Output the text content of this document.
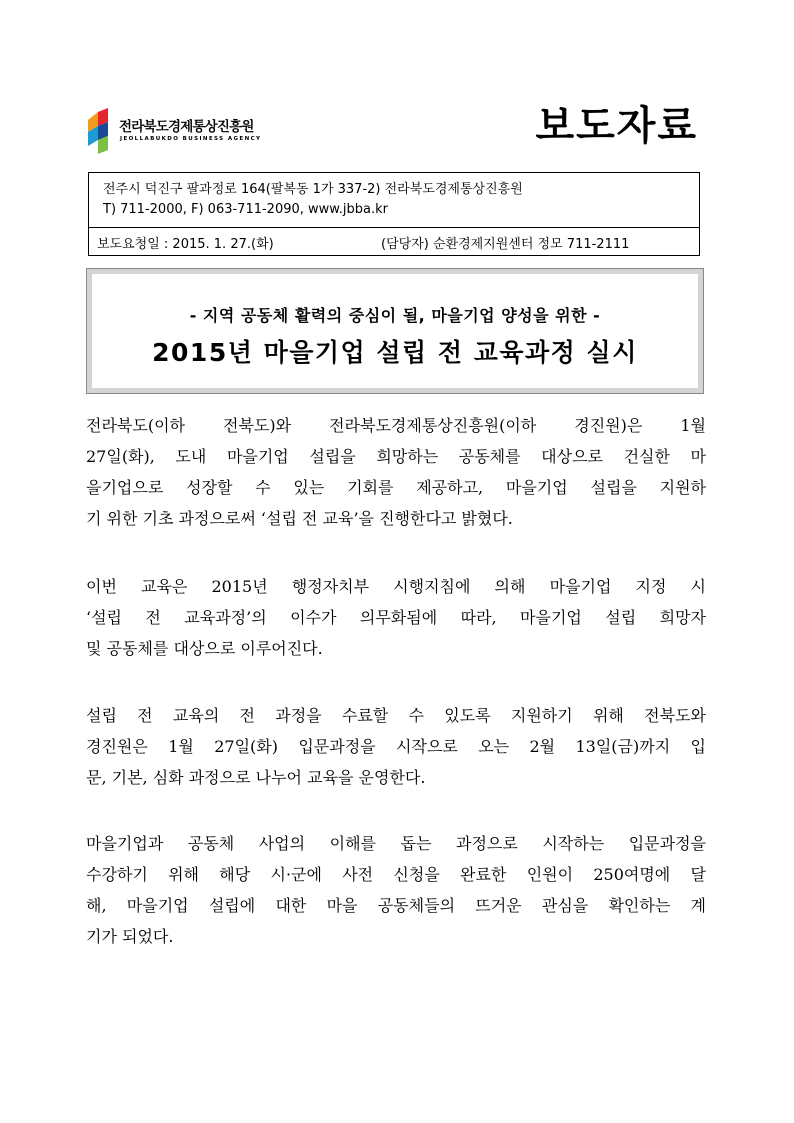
전라북도경제통상진흥원
JEOLLABUKDO BUSINESS AGENCY	보도자료
전주시 덕진구 팔과정로 164(팔복동 1가 337-2) 전라북도경제통상진흥원
T) 711-2000, F) 063-711-2090, www.jbba.kr
보도요청일 : 2015. 1. 27.(화)	(담당자) 순환경제지원센터 정모 711-2111
- 지역 공동체 활력의 중심이 될, 마을기업 양성을 위한 -
2015년 마을기업 설립 전 교육과정 실시

전라북도(이하 전북도)와 전라북도경제통상진흥원(이하 경진원)은 1월
27일(화), 도내 마을기업 설립을 희망하는 공동체를 대상으로 건실한 마
을기업으로 성장할 수 있는 기회를 제공하고, 마을기업 설립을 지원하
기 위한 기초 과정으로써 ‘설립 전 교육’을 진행한다고 밝혔다.

이번 교육은 2015년 행정자치부 시행지침에 의해 마을기업 지정 시
‘설립 전 교육과정’의 이수가 의무화됨에 따라, 마을기업 설립 희망자
및 공동체를 대상으로 이루어진다.

설립 전 교육의 전 과정을 수료할 수 있도록 지원하기 위해 전북도와
경진원은 1월 27일(화) 입문과정을 시작으로 오는 2월 13일(금)까지 입
문, 기본, 심화 과정으로 나누어 교육을 운영한다.

마을기업과 공동체 사업의 이해를 돕는 과정으로 시작하는 입문과정을
수강하기 위해 해당 시·군에 사전 신청을 완료한 인원이 250여명에 달
해, 마을기업 설립에 대한 마을 공동체들의 뜨거운 관심을 확인하는 계
기가 되었다.
